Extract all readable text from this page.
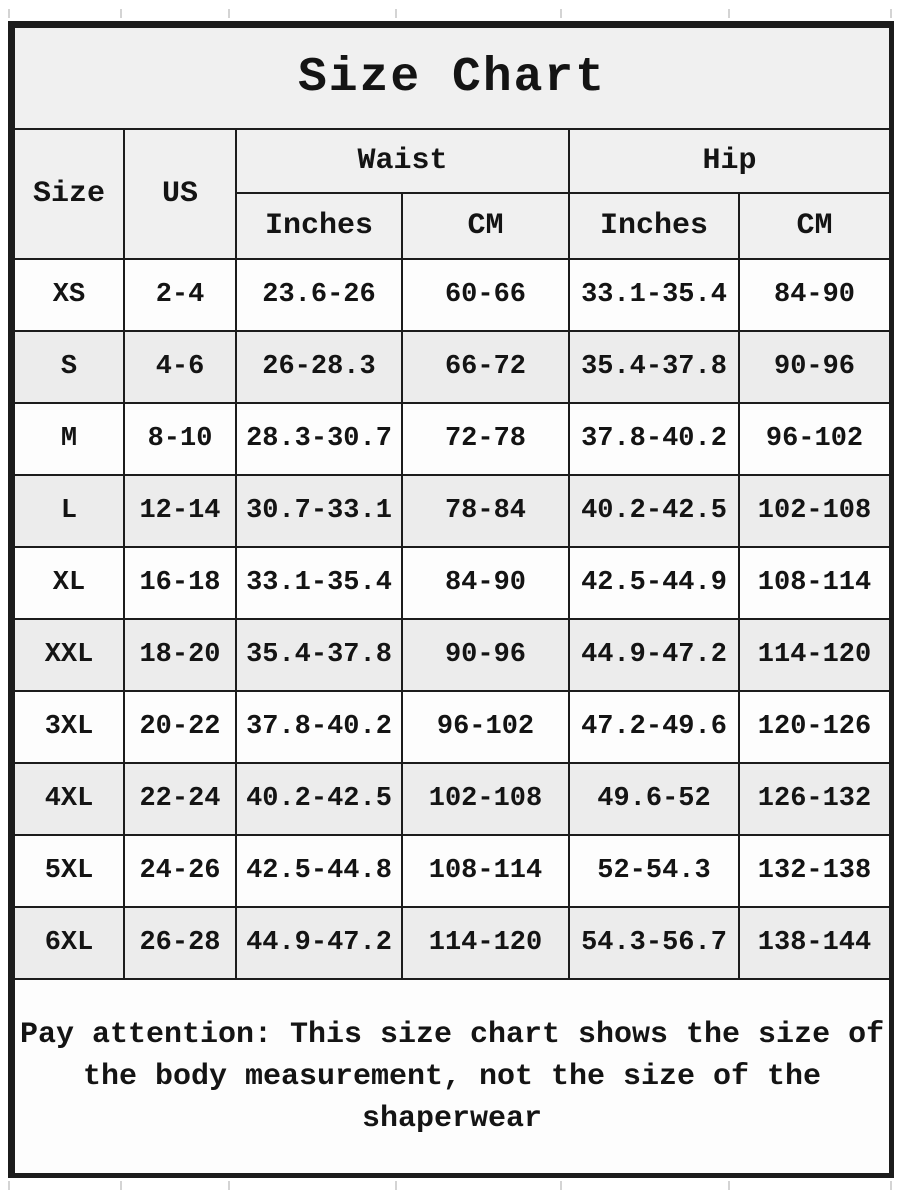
Size Chart					
Size	US	Waist		Hip	
		Inches	CM	Inches	CM
XS	2-4	23.6-26	60-66	33.1-35.4	84-90
S	4-6	26-28.3	66-72	35.4-37.8	90-96
M	8-10	28.3-30.7	72-78	37.8-40.2	96-102
L	12-14	30.7-33.1	78-84	40.2-42.5	102-108
XL	16-18	33.1-35.4	84-90	42.5-44.9	108-114
XXL	18-20	35.4-37.8	90-96	44.9-47.2	114-120
3XL	20-22	37.8-40.2	96-102	47.2-49.6	120-126
4XL	22-24	40.2-42.5	102-108	49.6-52	126-132
5XL	24-26	42.5-44.8	108-114	52-54.3	132-138
6XL	26-28	44.9-47.2	114-120	54.3-56.7	138-144
Pay attention: This size chart shows the size of the body measurement, not the size of the shaperwear					
